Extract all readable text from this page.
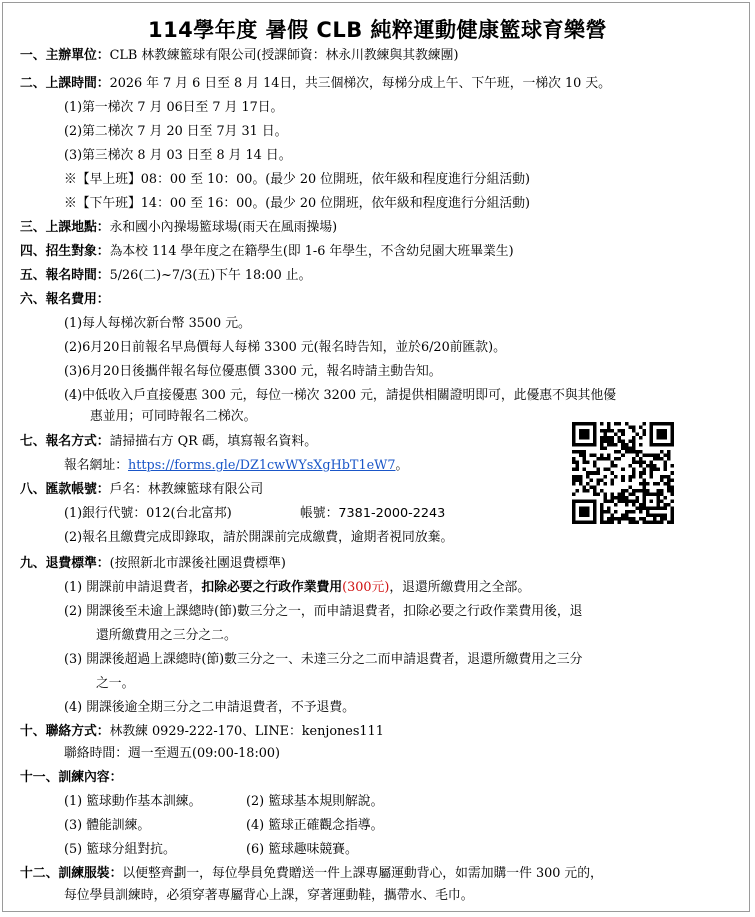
114學年度 暑假 CLB 純粹運動健康籃球育樂營
一、主辦單位：CLB 林教練籃球有限公司(授課師資：林永川教練與其教練團)
二、上課時間：2026 年 7 月 6 日至 8 月 14日，共三個梯次，每梯分成上午、下午班，一梯次 10 天。
(1)第一梯次 7 月 06日至 7 月 17日。
(2)第二梯次 7 月 20 日至 7月 31 日。
(3)第三梯次 8 月 03 日至 8 月 14 日。
※【早上班】08：00 至 10：00。(最少 20 位開班，依年級和程度進行分組活動)
※【下午班】14：00 至 16：00。(最少 20 位開班，依年級和程度進行分組活動)
三、上課地點：永和國小內操場籃球場(雨天在風雨操場)
四、招生對象：為本校 114 學年度之在籍學生(即 1-6 年學生，不含幼兒園大班畢業生)
五、報名時間：5/26(二)~7/3(五)下午 18:00 止。
六、報名費用：
(1)每人每梯次新台幣 3500 元。
(2)6月20日前報名早鳥價每人每梯 3300 元(報名時告知，並於6/20前匯款)。
(3)6月20日後攜伴報名每位優惠價 3300 元，報名時請主動告知。
(4)中低收入戶直接優惠 300 元，每位一梯次 3200 元，請提供相關證明即可，此優惠不與其他優
惠並用；可同時報名二梯次。
七、報名方式：請掃描右方 QR 碼，填寫報名資料。
報名網址：https://forms.gle/DZ1cwWYsXgHbT1eW7。
八、匯款帳號：戶名：林教練籃球有限公司
(1)銀行代號：012(台北富邦)	帳號：7381-2000-2243
(2)報名且繳費完成即錄取，請於開課前完成繳費，逾期者視同放棄。
九、退費標準：(按照新北市課後社團退費標準)
(1) 開課前申請退費者，扣除必要之行政作業費用(300元)，退還所繳費用之全部。
(2) 開課後至未逾上課總時(節)數三分之一，而申請退費者，扣除必要之行政作業費用後，退
還所繳費用之三分之二。
(3) 開課後超過上課總時(節)數三分之一、未達三分之二而申請退費者，退還所繳費用之三分
之一。
(4) 開課後逾全期三分之二申請退費者，不予退費。
十、聯絡方式：林教練 0929-222-170、LINE：kenjones111
聯絡時間：週一至週五(09:00-18:00)
十一、訓練內容：
(1) 籃球動作基本訓練。	(2) 籃球基本規則解說。
(3) 體能訓練。	(4) 籃球正確觀念指導。
(5) 籃球分組對抗。	(6) 籃球趣味競賽。
十二、訓練服裝：以便整齊劃一，每位學員免費贈送一件上課專屬運動背心，如需加購一件 300 元的，
每位學員訓練時，必須穿著專屬背心上課，穿著運動鞋，攜帶水、毛巾。
